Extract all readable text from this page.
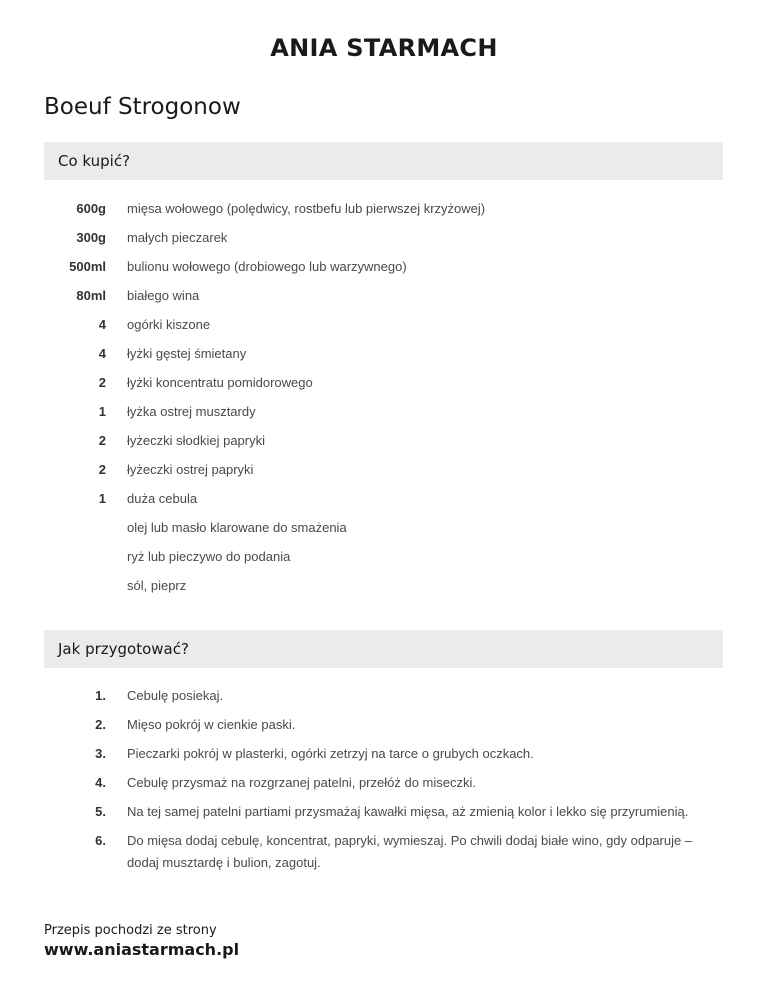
ANIA STARMACH
Boeuf Strogonow
Co kupić?
600g mięsa wołowego (polędwicy, rostbefu lub pierwszej krzyżowej)
300g małych pieczarek
500ml bulionu wołowego (drobiowego lub warzywnego)
80ml białego wina
4 ogórki kiszone
4 łyżki gęstej śmietany
2 łyżki koncentratu pomidorowego
1 łyżka ostrej musztardy
2 łyżeczki słodkiej papryki
2 łyżeczki ostrej papryki
1 duża cebula
olej lub masło klarowane do smażenia
ryż lub pieczywo do podania
sól, pieprz
Jak przygotować?
1. Cebulę posiekaj.
2. Mięso pokrój w cienkie paski.
3. Pieczarki pokrój w plasterki, ogórki zetrzyj na tarce o grubych oczkach.
4. Cebulę przysmaż na rozgrzanej patelni, przełóż do miseczki.
5. Na tej samej patelni partiami przysmażaj kawałki mięsa, aż zmienią kolor i lekko się przyrumienią.
6. Do mięsa dodaj cebulę, koncentrat, papryki, wymieszaj. Po chwili dodaj białe wino, gdy odparuje – dodaj musztardę i bulion, zagotuj.
Przepis pochodzi ze strony
www.aniastarmach.pl
